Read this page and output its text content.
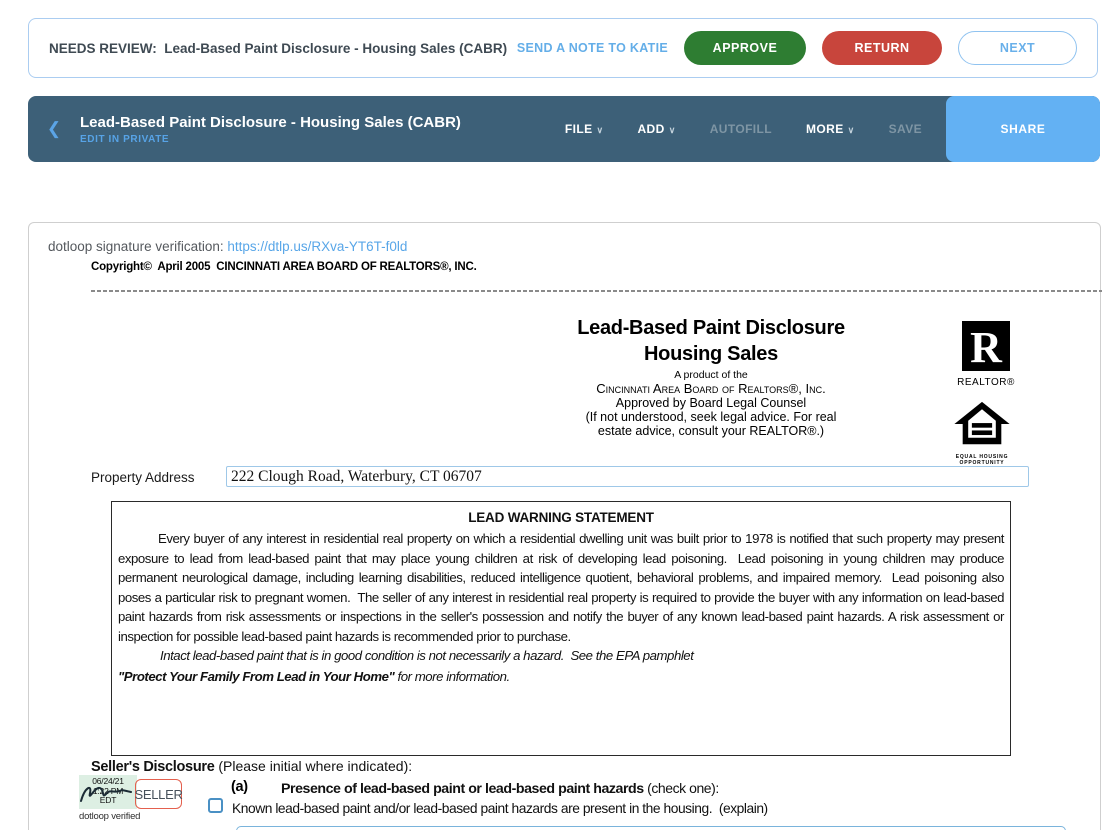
NEEDS REVIEW:  Lead-Based Paint Disclosure - Housing Sales (CABR) SEND A NOTE TO KATIE	APPROVE	RETURN	NEXT
❮	Lead-Based Paint Disclosure - Housing Sales (CABR)
EDIT IN PRIVATE
FILE ∨	ADD ∨	AUTOFILL	MORE ∨	SAVE	SHARE
dotloop signature verification: https://dtlp.us/RXva-YT6T-f0ld
Copyright©  April 2005  CINCINNATI AREA BOARD OF REALTORS®, INC.
Lead-Based Paint Disclosure
Housing Sales
A product of the
Cincinnati Area Board of Realtors®, Inc.
Approved by Board Legal Counsel
(If not understood, seek legal advice. For real
estate advice, consult your REALTOR®.)
R
REALTOR®
EQUAL HOUSING
OPPORTUNITY
Property Address	222 Clough Road, Waterbury, CT 06707
LEAD WARNING STATEMENT
Every buyer of any interest in residential real property on which a residential dwelling unit was built prior to 1978 is notified that such property may present exposure to lead from lead-based paint that may place young children at risk of developing lead poisoning.  Lead poisoning in young children may produce permanent neurological damage, including learning disabilities, reduced intelligence quotient, behavioral problems, and impaired memory.  Lead poisoning also poses a particular risk to pregnant women.  The seller of any interest in residential real property is required to provide the buyer with any information on lead-based paint hazards from risk assessments or inspections in the seller's possession and notify the buyer of any known lead-based paint hazards. A risk assessment or inspection for possible lead-based paint hazards is recommended prior to purchase.
Intact lead-based paint that is in good condition is not necessarily a hazard.  See the EPA pamphlet
"Protect Your Family From Lead in Your Home" for more information.
Seller's Disclosure (Please initial where indicated):
06/24/21
1:22 PM
EDT	SELLER
dotloop verified
(a) Presence of lead-based paint or lead-based paint hazards (check one):
Known lead-based paint and/or lead-based paint hazards are present in the housing.  (explain)
